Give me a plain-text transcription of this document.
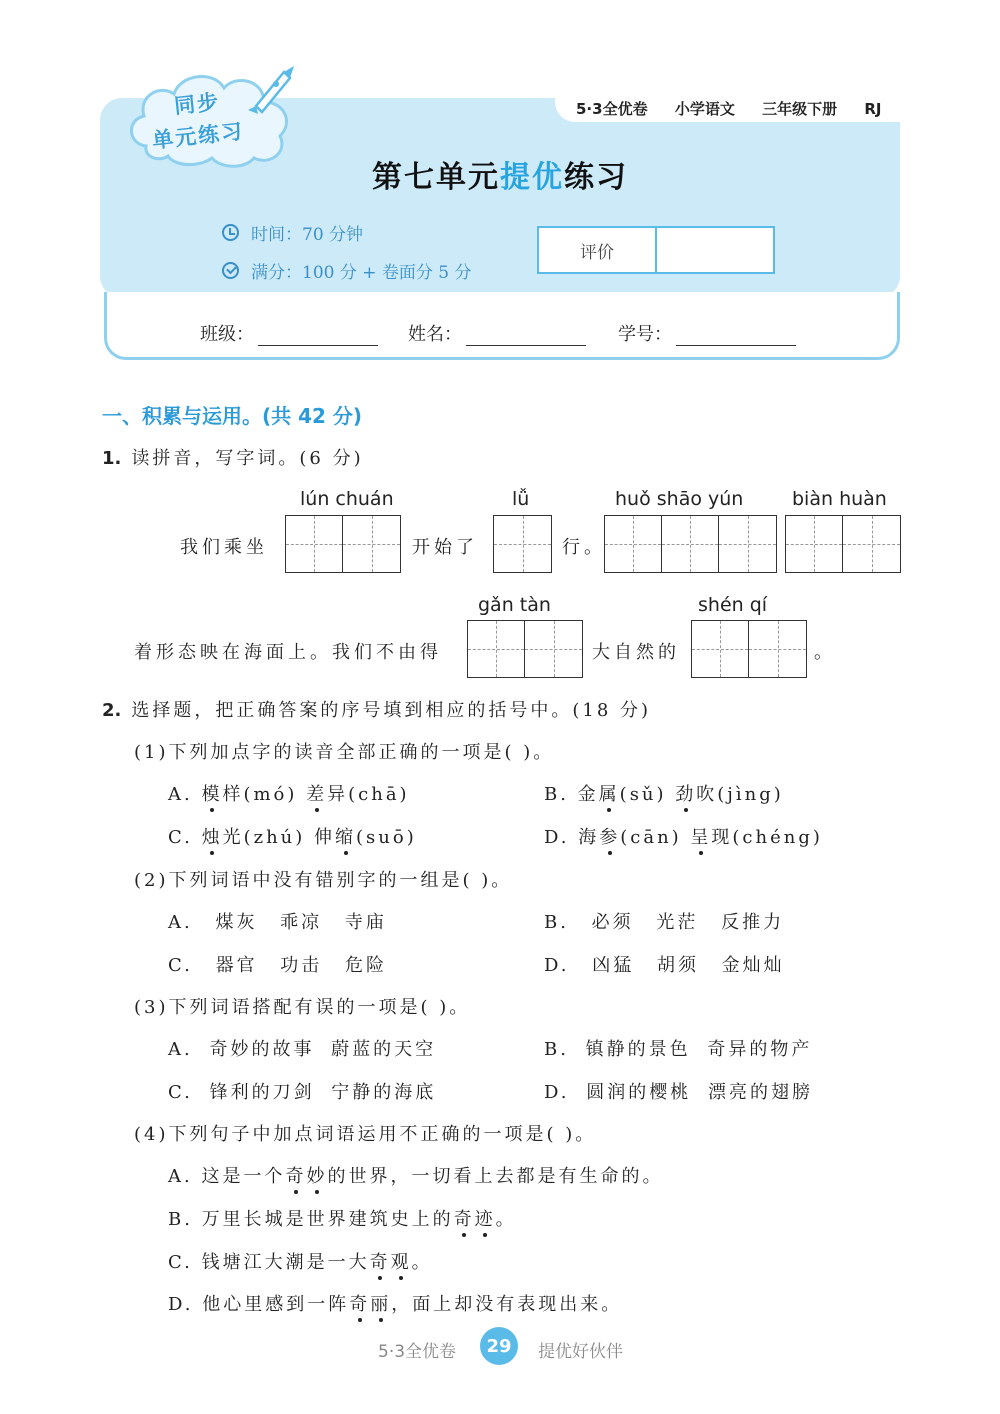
5·3全优卷 小学语文 三年级下册 RJ
同步
单元练习
第七单元提优练习
时间：70 分钟
满分：100 分 + 卷面分 5 分
评价
班级：	姓名：	学号：
一、积累与运用。(共 42 分)
1. 读拼音，写字词。(6 分)
lún chuán	lǚ	huǒ shāo yún	biàn huàn
我们乘坐	开始了	行。
gǎn tàn	shén qí
着形态映在海面上。我们不由得	大自然的	。
2. 选择题，把正确答案的序号填到相应的括号中。(18 分)
(1)下列加点字的读音全部正确的一项是( )。
A. 模样(mó) 差异(chā)	B. 金属(sǔ) 劲吹(jìng)
C. 烛光(zhú) 伸缩(suō)	D. 海参(cān) 呈现(chéng)
(2)下列词语中没有错别字的一组是( )。
A. 煤灰 乖凉 寺庙	B. 必须 光茫 反推力
C. 器官 功击 危险	D. 凶猛 胡须 金灿灿
(3)下列词语搭配有误的一项是( )。
A. 奇妙的故事 蔚蓝的天空	B. 镇静的景色 奇异的物产
C. 锋利的刀剑 宁静的海底	D. 圆润的樱桃 漂亮的翅膀
(4)下列句子中加点词语运用不正确的一项是( )。
A. 这是一个奇妙的世界，一切看上去都是有生命的。
B. 万里长城是世界建筑史上的奇迹。
C. 钱塘江大潮是一大奇观。
D. 他心里感到一阵奇丽，面上却没有表现出来。
5·3全优卷	29	提优好伙伴
